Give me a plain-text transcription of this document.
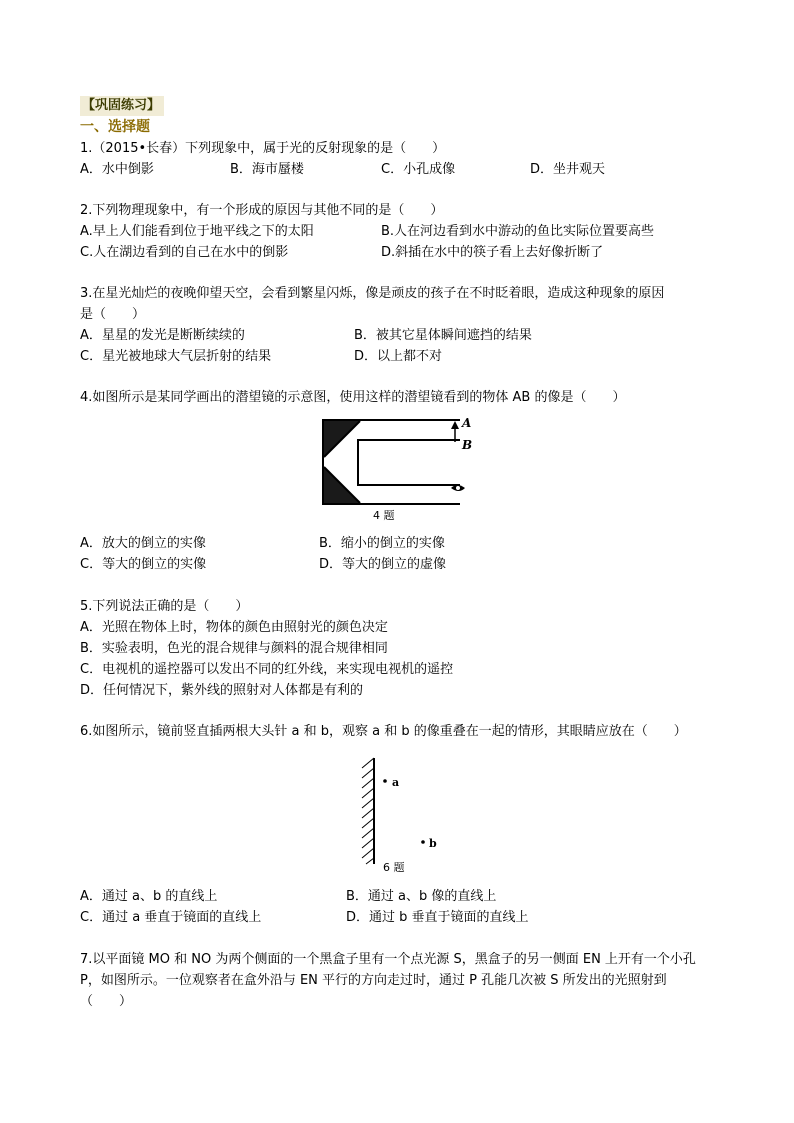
【巩固练习】
一、选择题
1.（2015•长春）下列现象中，属于光的反射现象的是（　　）
A．水中倒影	B．海市蜃楼	C．小孔成像	D．坐井观天
2.下列物理现象中，有一个形成的原因与其他不同的是（　　）
A.早上人们能看到位于地平线之下的太阳	B.人在河边看到水中游动的鱼比实际位置要高些
C.人在湖边看到的自己在水中的倒影	D.斜插在水中的筷子看上去好像折断了
3.在星光灿烂的夜晚仰望天空，会看到繁星闪烁，像是顽皮的孩子在不时眨着眼，造成这种现象的原因
是（　　）
A．星星的发光是断断续续的	B．被其它星体瞬间遮挡的结果
C．星光被地球大气层折射的结果	D．以上都不对
4.如图所示是某同学画出的潜望镜的示意图，使用这样的潜望镜看到的物体 AB 的像是（　　）
A
B
4 题
A．放大的倒立的实像	B．缩小的倒立的实像
C．等大的倒立的实像	D．等大的倒立的虚像
5.下列说法正确的是（　　）
A．光照在物体上时，物体的颜色由照射光的颜色决定
B．实验表明，色光的混合规律与颜料的混合规律相同
C．电视机的遥控器可以发出不同的红外线，来实现电视机的遥控
D．任何情况下，紫外线的照射对人体都是有利的
6.如图所示，镜前竖直插两根大头针 a 和 b，观察 a 和 b 的像重叠在一起的情形，其眼睛应放在（　　）
a
b
6 题
A．通过 a、b 的直线上	B．通过 a、b 像的直线上
C．通过 a 垂直于镜面的直线上	D．通过 b 垂直于镜面的直线上
7.以平面镜 MO 和 NO 为两个侧面的一个黑盒子里有一个点光源 S，黑盒子的另一侧面 EN 上开有一个小孔
P，如图所示。一位观察者在盒外沿与 EN 平行的方向走过时，通过 P 孔能几次被 S 所发出的光照射到
（　　）
